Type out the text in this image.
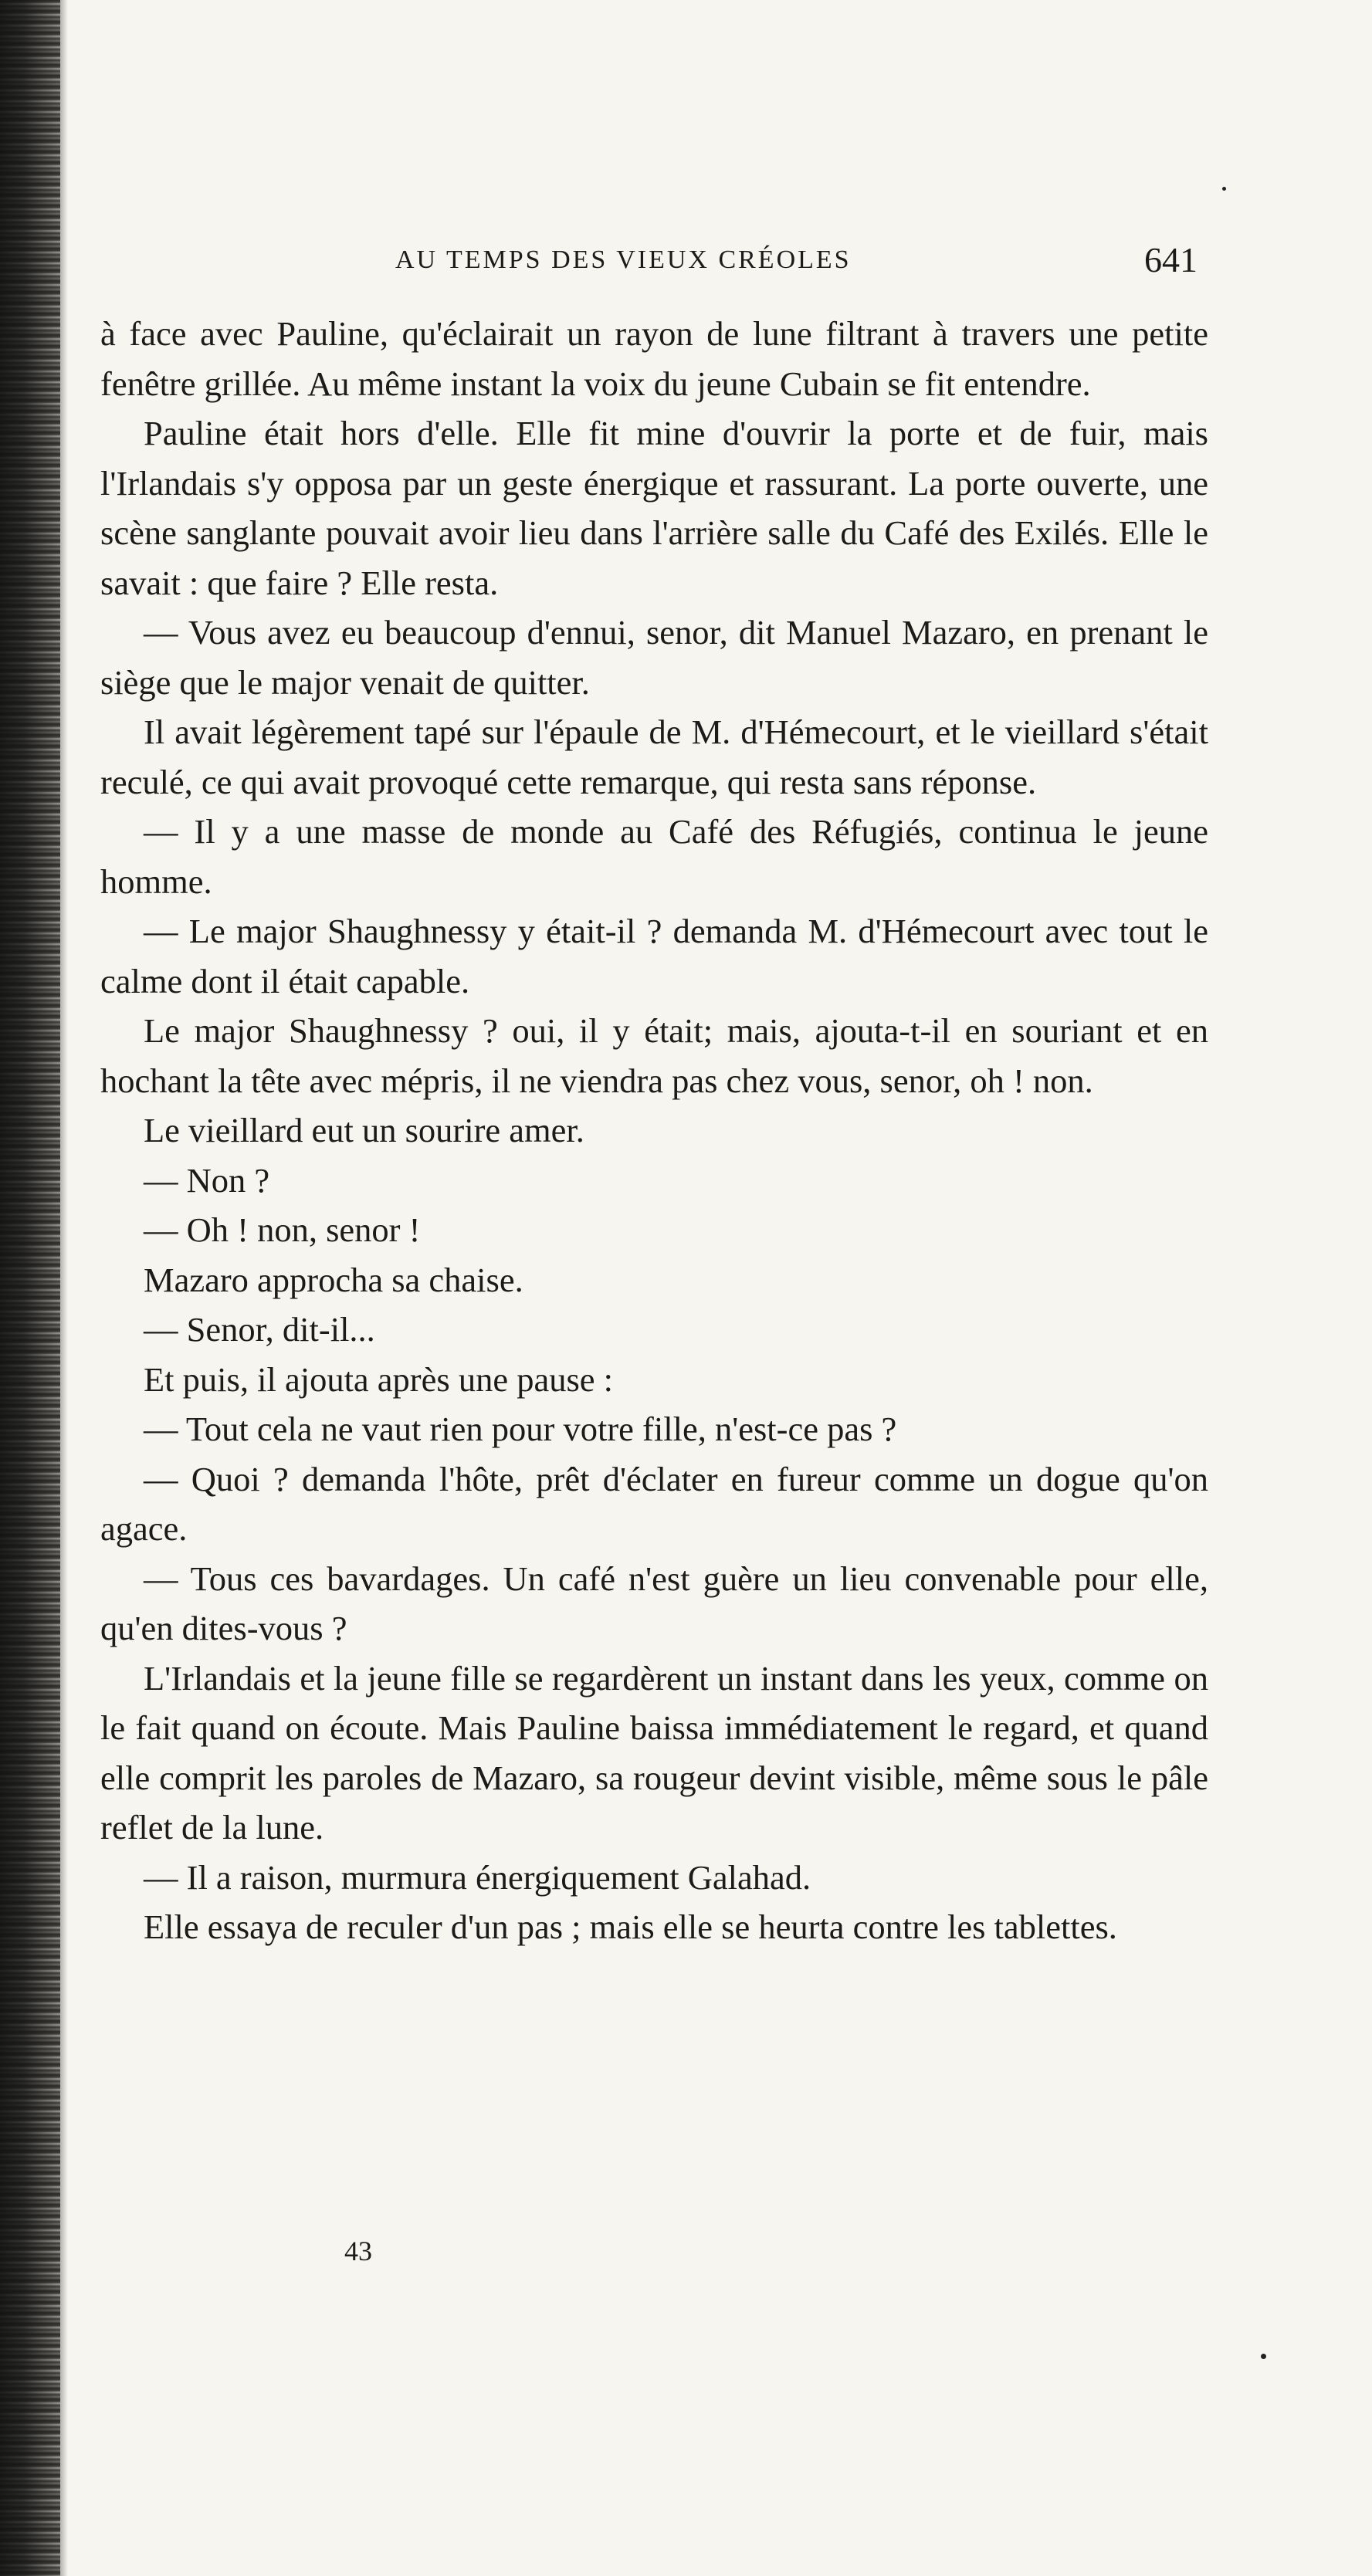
AU TEMPS DES VIEUX CRÉOLES	641

à face avec Pauline, qu'éclairait un rayon de lune filtrant à travers une petite fenêtre grillée. Au même instant la voix du jeune Cubain se fit entendre.

Pauline était hors d'elle. Elle fit mine d'ouvrir la porte et de fuir, mais l'Irlandais s'y opposa par un geste énergique et rassurant. La porte ouverte, une scène sanglante pouvait avoir lieu dans l'arrière salle du Café des Exilés. Elle le savait : que faire ? Elle resta.

— Vous avez eu beaucoup d'ennui, senor, dit Manuel Mazaro, en prenant le siège que le major venait de quitter.

Il avait légèrement tapé sur l'épaule de M. d'Hémecourt, et le vieillard s'était reculé, ce qui avait provoqué cette remarque, qui resta sans réponse.

— Il y a une masse de monde au Café des Réfugiés, continua le jeune homme.

— Le major Shaughnessy y était-il ? demanda M. d'Hémecourt avec tout le calme dont il était capable.

Le major Shaughnessy ? oui, il y était; mais, ajouta-t-il en souriant et en hochant la tête avec mépris, il ne viendra pas chez vous, senor, oh ! non.

Le vieillard eut un sourire amer.

— Non ?

— Oh ! non, senor !

Mazaro approcha sa chaise.

— Senor, dit-il...

Et puis, il ajouta après une pause :

— Tout cela ne vaut rien pour votre fille, n'est-ce pas ?

— Quoi ? demanda l'hôte, prêt d'éclater en fureur comme un dogue qu'on agace.

— Tous ces bavardages. Un café n'est guère un lieu convenable pour elle, qu'en dites-vous ?

L'Irlandais et la jeune fille se regardèrent un instant dans les yeux, comme on le fait quand on écoute. Mais Pauline baissa immédiatement le regard, et quand elle comprit les paroles de Mazaro, sa rougeur devint visible, même sous le pâle reflet de la lune.

— Il a raison, murmura énergiquement Galahad.

Elle essaya de reculer d'un pas ; mais elle se heurta contre les tablettes.

43
